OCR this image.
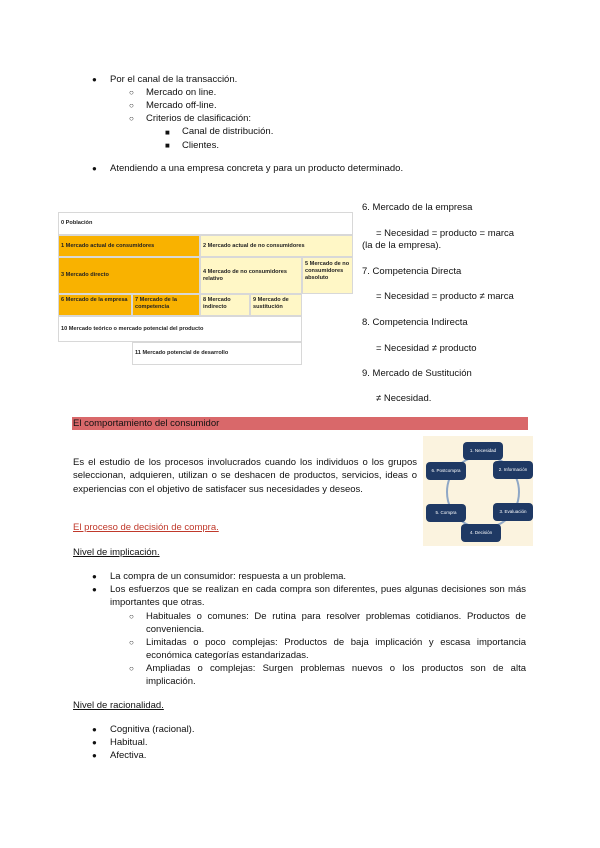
● Por el canal de la transacción.
○ Mercado on line.
○ Mercado off-line.
○ Criterios de clasificación:
■ Canal de distribución.
■ Clientes.
● Atendiendo a una empresa concreta y para un producto determinado.
0 Población
1 Mercado actual de consumidores	2 Mercado actual de no consumidores
3 Mercado directo	4 Mercado de no consumidores relativo
5 Mercado de no consumidores absoluto
6 Mercado de la empresa 7 Mercado de la competencia
8 Mercado indirecto
9 Mercado de sustitución
10 Mercado teórico o mercado potencial del producto
11 Mercado potencial de desarrollo
6. Mercado de la empresa
= Necesidad = producto = marca
(la de la empresa).
7. Competencia Directa
= Necesidad = producto ≠ marca
8. Competencia Indirecta
= Necesidad ≠ producto
9. Mercado de Sustitución
≠ Necesidad.
El comportamiento del consumidor
Es el estudio de los procesos involucrados cuando los individuos o los grupos seleccionan, adquieren, utilizan o se deshacen de productos, servicios, ideas o experiencias con el objetivo de satisfacer sus necesidades y deseos.
1. Necesidad
2. Información
3. Evaluación
4. Decisión
5. Compra
6. Postcompra
El proceso de decisión de compra.
Nivel de implicación.
● La compra de un consumidor: respuesta a un problema.
● Los esfuerzos que se realizan en cada compra son diferentes, pues algunas decisiones son más importantes que otras.
○ Habituales o comunes: De rutina para resolver problemas cotidianos. Productos de conveniencia.
○ Limitadas o poco complejas: Productos de baja implicación y escasa importancia económica categorías estandarizadas.
○ Ampliadas o complejas: Surgen problemas nuevos o los productos son de alta implicación.
Nivel de racionalidad.
● Cognitiva (racional).
● Habitual.
● Afectiva.
